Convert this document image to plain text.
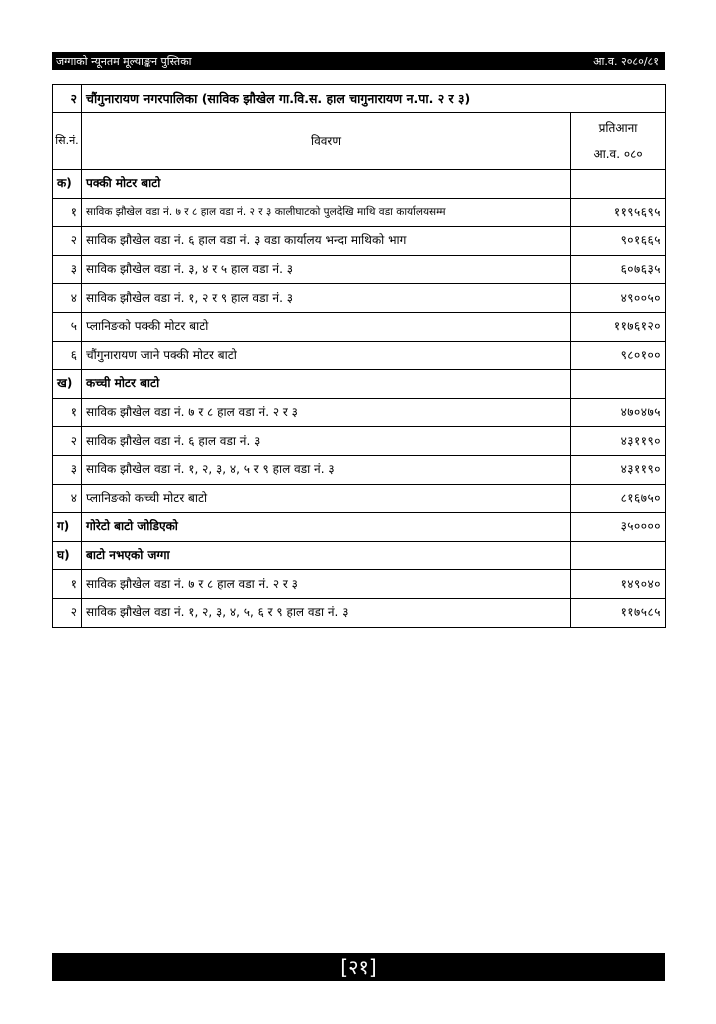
जग्गाको न्यूनतम मूल्याङ्कन पुस्तिका	आ.व. २०८०/८१
२	चौंगुनारायण नगरपालिका (साविक झौखेल गा.वि.स. हाल चागुनारायण न.पा. २ र ३)	
सि.नं.	विवरण	प्रतिआना
आ.व. ०८०

क)	पक्की मोटर बाटो	
१	साविक झौखेल वडा नं. ७ र ८ हाल वडा नं. २ र ३ कालीघाटको पुलदेखि माथि वडा कार्यालयसम्म	११९५६९५
२	साविक झौखेल वडा नं. ६ हाल वडा नं. ३ वडा कार्यालय भन्दा माथिको भाग	९०१६६५
३	साविक झौखेल वडा नं. ३, ४ र ५ हाल वडा नं. ३	६०७६३५
४	साविक झौखेल वडा नं. १, २ र ९ हाल वडा नं. ३	४९००५०
५	प्लानिङको पक्की मोटर बाटो	११७६१२०
६	चौंगुनारायण जाने पक्की मोटर बाटो	९८०१००
ख)	कच्ची मोटर बाटो	
१	साविक झौखेल वडा नं. ७ र ८ हाल वडा नं. २ र ३	४७०४७५
२	साविक झौखेल वडा नं. ६ हाल वडा नं. ३	४३११९०
३	साविक झौखेल वडा नं. १, २, ३, ४, ५ र ९ हाल वडा नं. ३	४३११९०
४	प्लानिङको कच्ची मोटर बाटो	८१६७५०
ग)	गोरेटो बाटो जोडिएको	३५००००
घ)	बाटो नभएको जग्गा	
१	साविक झौखेल वडा नं. ७ र ८ हाल वडा नं. २ र ३	१४९०४०
२	साविक झौखेल वडा नं. १, २, ३, ४, ५, ६ र ९ हाल वडा नं. ३	११७५८५
[२१]
